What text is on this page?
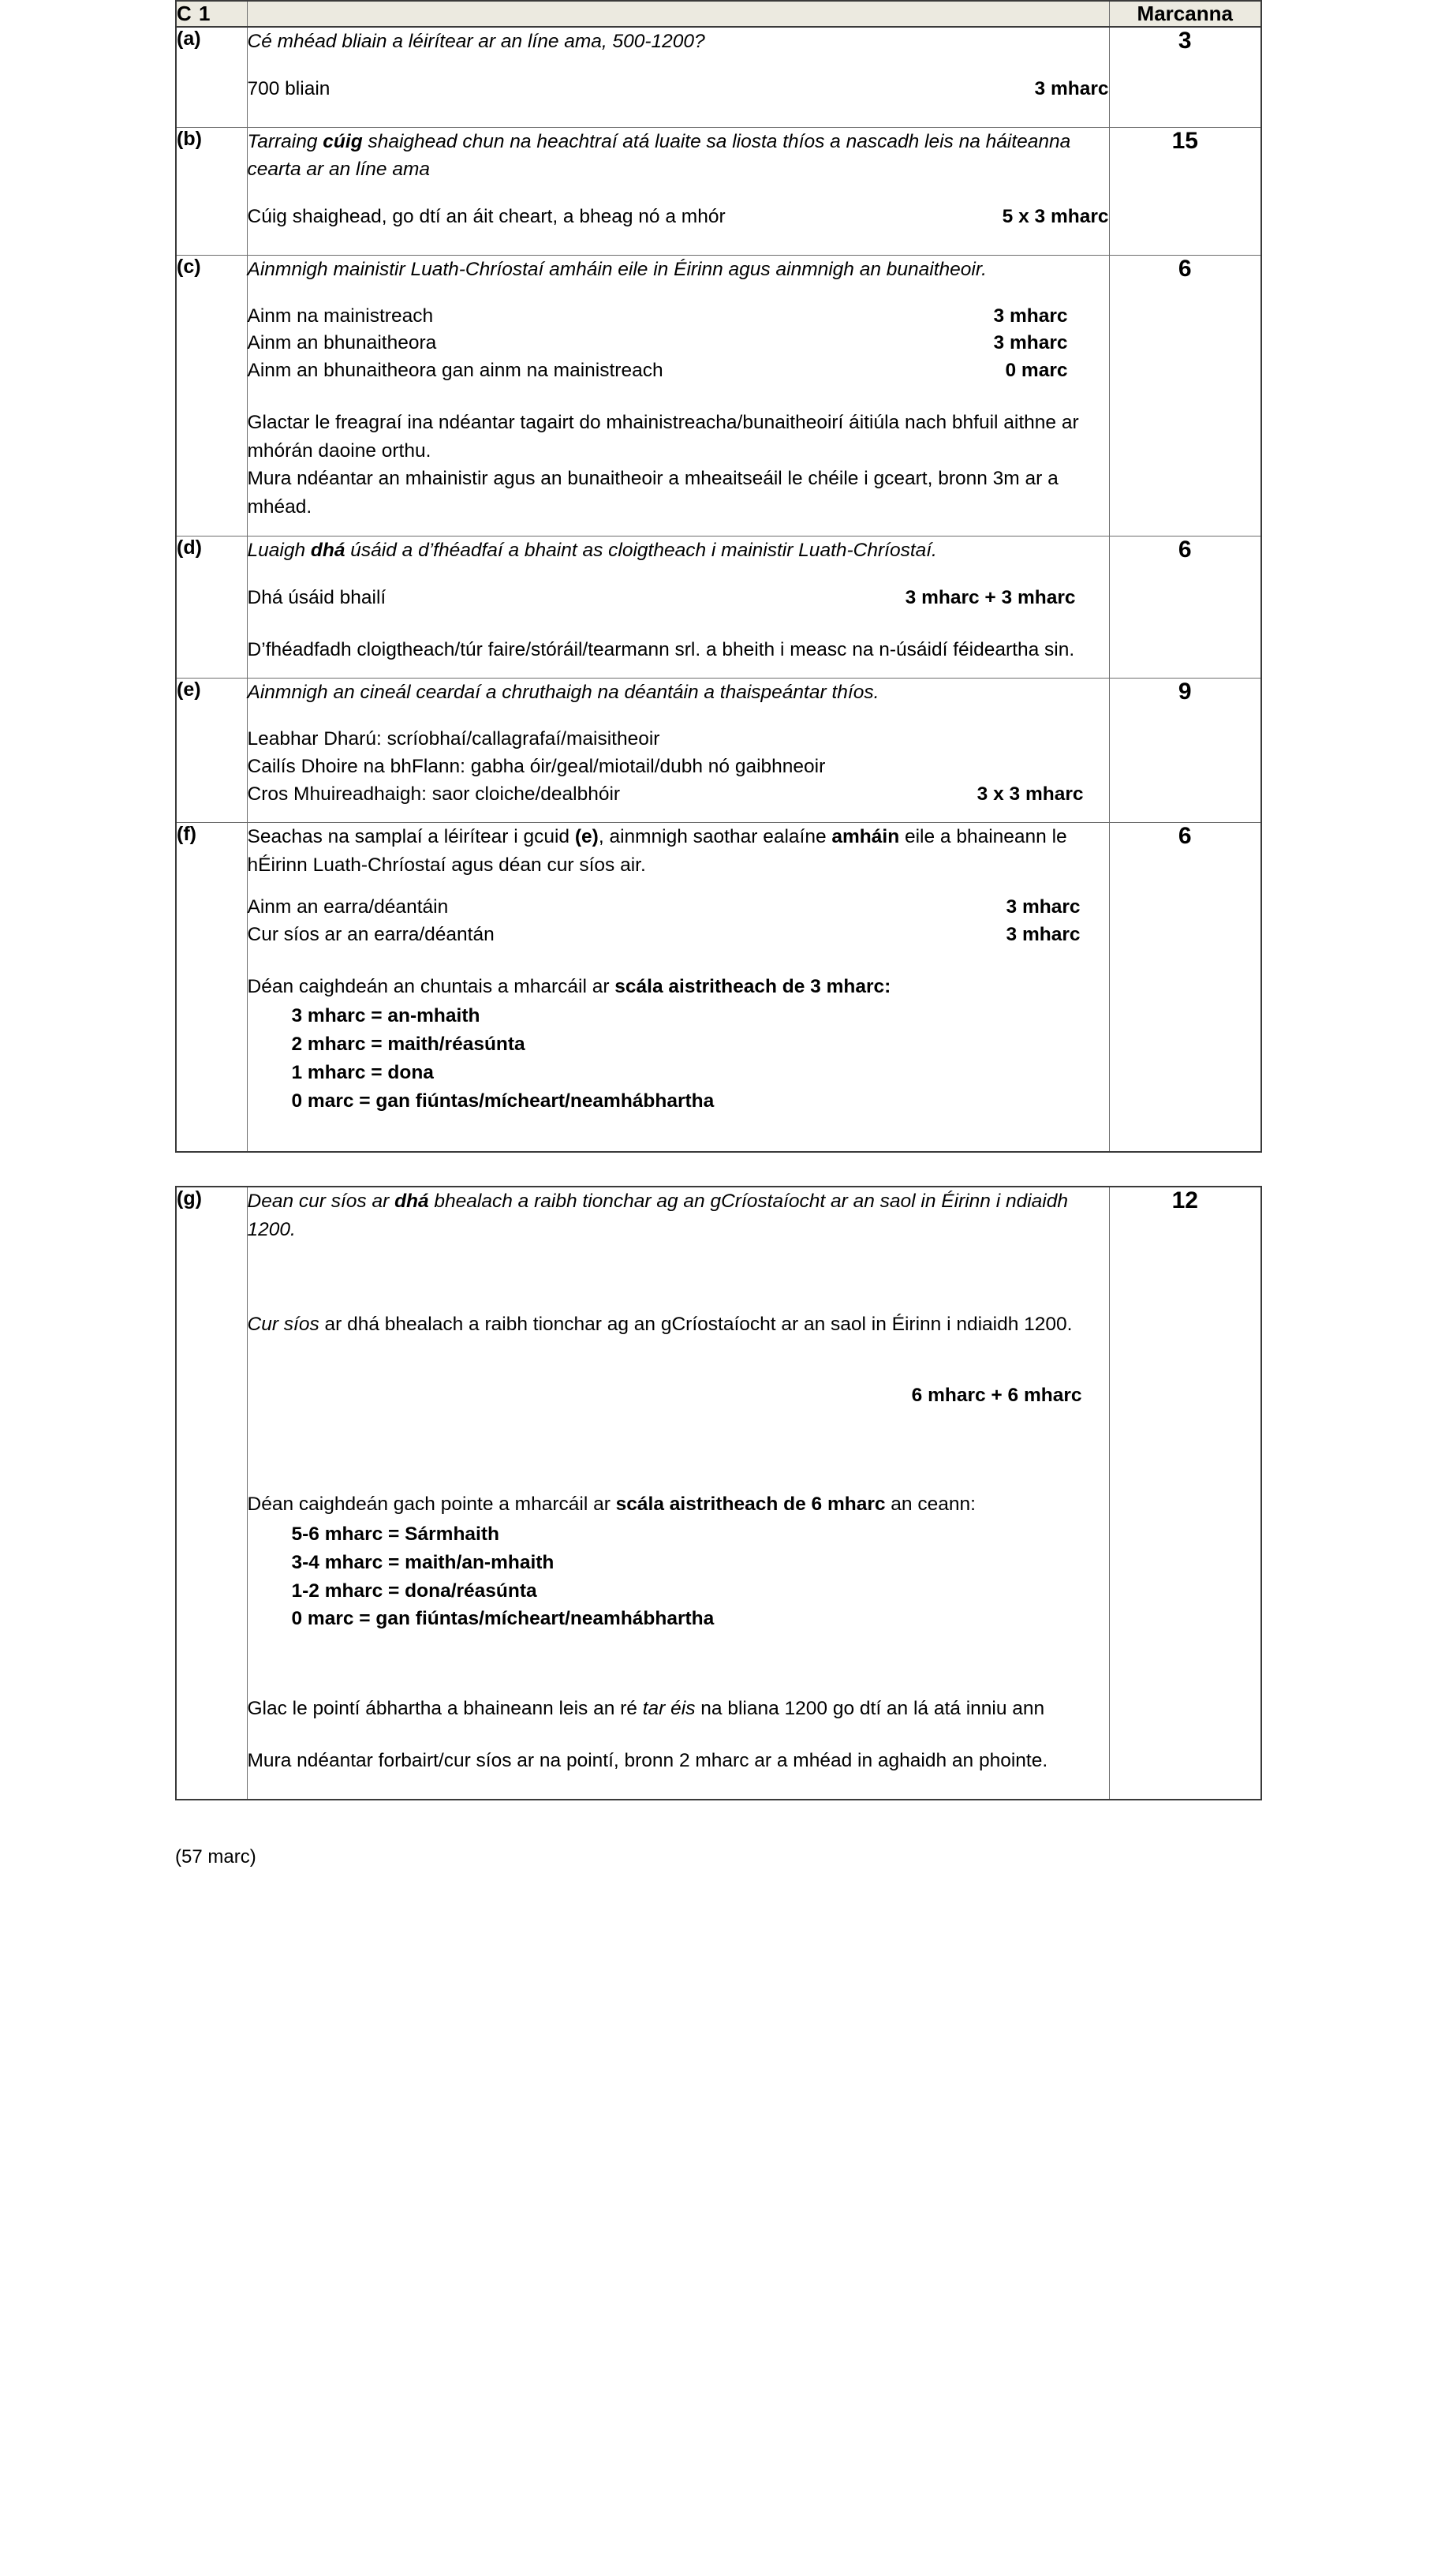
C 1		Marcanna
(a)	Cé mhéad bliain a léirítear ar an líne ama, 500-1200?

700 bliain 3 mharc	3
(b)	Tarraing cúig shaighead chun na heachtraí atá luaite sa liosta thíos a nascadh leis na háiteanna cearta ar an líne ama

Cúig shaighead, go dtí an áit cheart, a bheag nó a mhór 5 x 3 mharc	15
(c)	Ainmnigh mainistir Luath-Chríostaí amháin eile in Éirinn agus ainmnigh an bunaitheoir.

Ainm na mainistreach	3 mharc
Ainm an bhunaitheora	3 mharc
Ainm an bhunaitheora gan ainm na mainistreach	0 marc

Glactar le freagraí ina ndéantar tagairt do mhainistreacha/bunaitheoirí áitiúla nach bhfuil aithne ar mhórán daoine orthu.

Mura ndéantar an mhainistir agus an bunaitheoir a mheaitseáil le chéile i gceart, bronn 3m ar a mhéad.

	6
(d)	Luaigh dhá úsáid a d’fhéadfaí a bhaint as cloigtheach i mainistir Luath-Chríostaí.

Dhá úsáid bhailí 3 mharc + 3 mharc

D’fhéadfadh cloigtheach/túr faire/stóráil/tearmann srl. a bheith i measc na n-úsáidí féideartha sin.	6
(e)	Ainmnigh an cineál ceardaí a chruthaigh na déantáin a thaispeántar thíos.

Leabhar Dharú: scríobhaí/callagrafaí/maisitheoir
Cailís Dhoire na bhFlann: gabha óir/geal/miotail/dubh nó gaibhneoir
Cros Mhuireadhaigh: saor cloiche/dealbhóir 3 x 3 mharc	9
(f)	Seachas na samplaí a léirítear i gcuid (e), ainmnigh saothar ealaíne amháin eile a bhaineann le hÉirinn Luath-Chríostaí agus déan cur síos air.

Ainm an earra/déantáin	3 mharc
Cur síos ar an earra/déantán	3 mharc

Déan caighdeán an chuntais a mharcáil ar scála aistritheach de 3 mharc:

3 mharc = an-mhaith
2 mharc = maith/réasúnta
1 mharc = dona
0 marc = gan fiúntas/mícheart/neamhábhartha
	6
(g)	Dean cur síos ar dhá bhealach a raibh tionchar ag an gCríostaíocht ar an saol in Éirinn i ndiaidh 1200.

Cur síos ar dhá bhealach a raibh tionchar ag an gCríostaíocht ar an saol in Éirinn i ndiaidh 1200.

6 mharc + 6 mharc

Déan caighdeán gach pointe a mharcáil ar scála aistritheach de 6 mharc an ceann:

5-6 mharc = Sármhaith
3-4 mharc = maith/an-mhaith
1-2 mharc = dona/réasúnta
0 marc = gan fiúntas/mícheart/neamhábhartha

Glac le pointí ábhartha a bhaineann leis an ré tar éis na bliana 1200 go dtí an lá atá inniu ann

Mura ndéantar forbairt/cur síos ar na pointí, bronn 2 mharc ar a mhéad in aghaidh an phointe.

	12
(57 marc)
